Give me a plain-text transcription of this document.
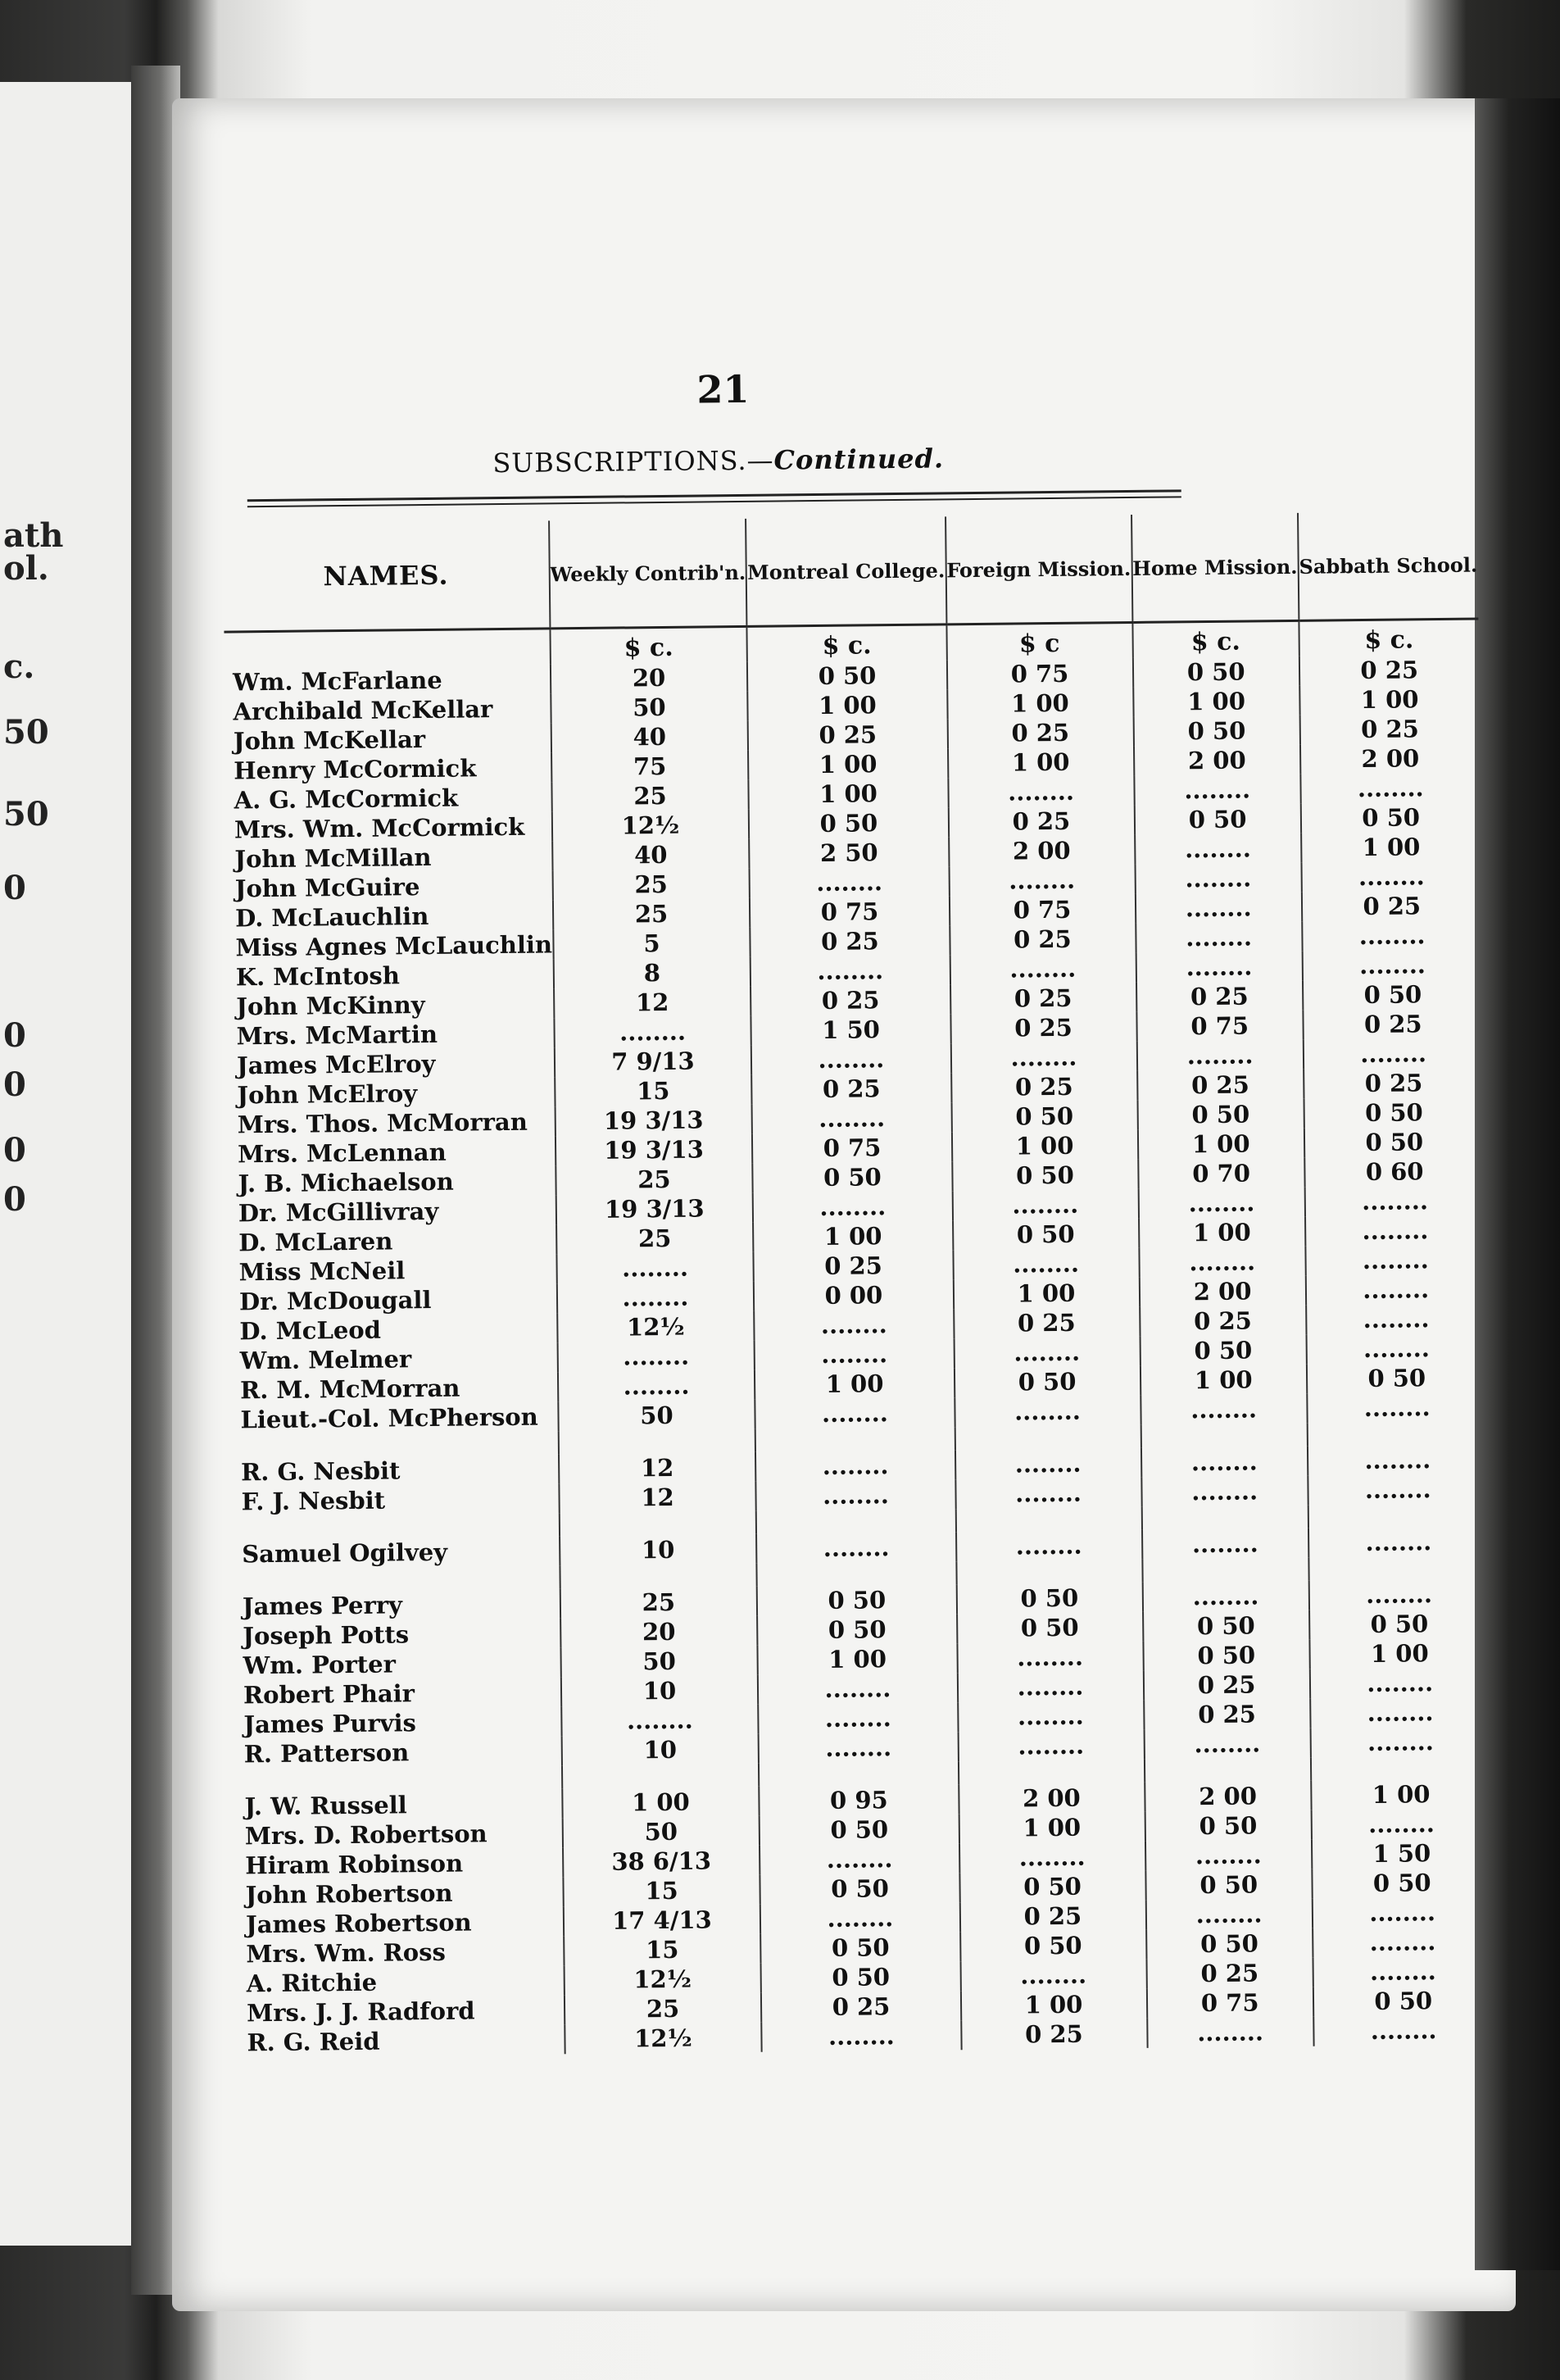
ath
ol.
c.
50
50
0
0
0
0
0
21
SUBSCRIPTIONS.—Continued.
NAMES.	Weekly Contrib'n.	Montreal College.	Foreign Mission.	Home Mission.	Sabbath School.
	$ c.	$ c.	$ c	$ c.	$ c.
Wm. McFarlane	20	0 50	0 75	0 50	0 25
Archibald McKellar	50	1 00	1 00	1 00	1 00
John McKellar	40	0 25	0 25	0 50	0 25
Henry McCormick	75	1 00	1 00	2 00	2 00
A. G. McCormick	25	1 00	........	........	........
Mrs. Wm. McCormick	12½	0 50	0 25	0 50	0 50
John McMillan	40	2 50	2 00	........	1 00
John McGuire	25	........	........	........	........
D. McLauchlin	25	0 75	0 75	........	0 25
Miss Agnes McLauchlin	5	0 25	0 25	........	........
K. McIntosh	8	........	........	........	........
John McKinny	12	0 25	0 25	0 25	0 50
Mrs. McMartin	........	1 50	0 25	0 75	0 25
James McElroy	7 9/13	........	........	........	........
John McElroy	15	0 25	0 25	0 25	0 25
Mrs. Thos. McMorran	19 3/13	........	0 50	0 50	0 50
Mrs. McLennan	19 3/13	0 75	1 00	1 00	0 50
J. B. Michaelson	25	0 50	0 50	0 70	0 60
Dr. McGillivray	19 3/13	........	........	........	........
D. McLaren	25	1 00	0 50	1 00	........
Miss McNeil	........	0 25	........	........	........
Dr. McDougall	........	0 00	1 00	2 00	........
D. McLeod	12½	........	0 25	0 25	........
Wm. Melmer	........	........	........	0 50	........
R. M. McMorran	........	1 00	0 50	1 00	0 50
Lieut.-Col. McPherson	50	........	........	........	........

R. G. Nesbit	12	........	........	........	........
F. J. Nesbit	12	........	........	........	........

Samuel Ogilvey	10	........	........	........	........

James Perry	25	0 50	0 50	........	........
Joseph Potts	20	0 50	0 50	0 50	0 50
Wm. Porter	50	1 00	........	0 50	1 00
Robert Phair	10	........	........	0 25	........
James Purvis	........	........	........	0 25	........
R. Patterson	10	........	........	........	........

J. W. Russell	1 00	0 95	2 00	2 00	1 00
Mrs. D. Robertson	50	0 50	1 00	0 50	........
Hiram Robinson	38 6/13	........	........	........	1 50
John Robertson	15	0 50	0 50	0 50	0 50
James Robertson	17 4/13	........	0 25	........	........
Mrs. Wm. Ross	15	0 50	0 50	0 50	........
A. Ritchie	12½	0 50	........	0 25	........
Mrs. J. J. Radford	25	0 25	1 00	0 75	0 50
R. G. Reid	12½	........	0 25	........	........
